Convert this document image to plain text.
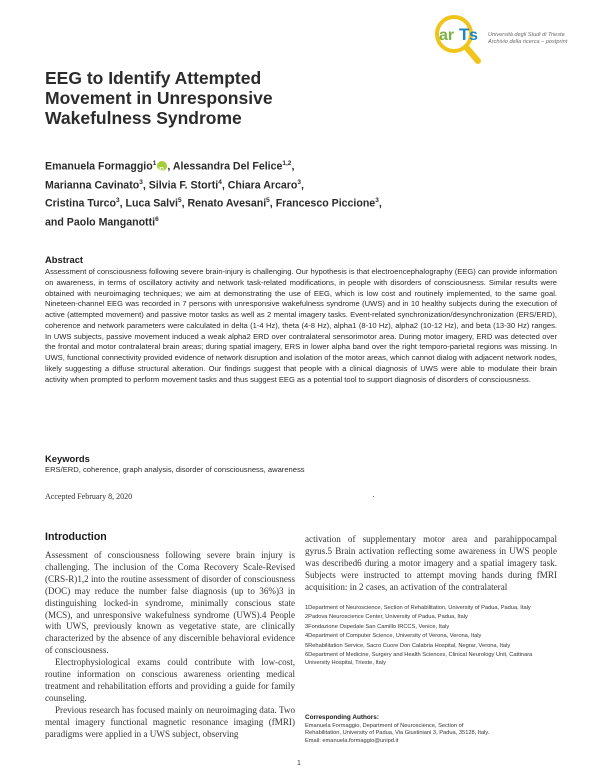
ar T s Università degli Studi di Trieste
Archivio della ricerca – postprint
EEG to Identify Attempted Movement in Unresponsive Wakefulness Syndrome
Emanuela Formaggio$^1$iD , Alessandra Del Felice$^{1,2}$,
Marianna Cavinato$^3$, Silvia F. Storti$^4$, Chiara Arcaro$^3$,
Cristina Turco$^3$, Luca Salvi$^5$, Renato Avesani$^5$, Francesco Piccione$^3$,
and Paolo Manganotti$^6$
Abstract
Assessment of consciousness following severe brain-injury is challenging. Our hypothesis is that electroencephalography (EEG) can provide information on awareness, in terms of oscillatory activity and network task-related modifications, in people with disorders of consciousness. Similar results were obtained with neuroimaging techniques; we aim at demonstrating the use of EEG, which is low cost and routinely implemented, to the same goal. Nineteen-channel EEG was recorded in 7 persons with unresponsive wakefulness syndrome (UWS) and in 10 healthy subjects during the execution of active (attempted movement) and passive motor tasks as well as 2 mental imagery tasks. Event-related synchronization/desynchronization (ERS/ERD), coherence and network parameters were calculated in delta (1-4 Hz), theta (4-8 Hz), alpha1 (8-10 Hz), alpha2 (10-12 Hz), and beta (13-30 Hz) ranges. In UWS subjects, passive movement induced a weak alpha2 ERD over contralateral sensorimotor area. During motor imagery, ERD was detected over the frontal and motor contralateral brain areas; during spatial imagery, ERS in lower alpha band over the right temporo-parietal regions was missing. In UWS, functional connectivity provided evidence of network disruption and isolation of the motor areas, which cannot dialog with adjacent network nodes, likely suggesting a diffuse structural alteration. Our findings suggest that people with a clinical diagnosis of UWS were able to modulate their brain activity when prompted to perform movement tasks and thus suggest EEG as a potential tool to support diagnosis of disorders of consciousness.
Keywords
ERS/ERD, coherence, graph analysis, disorder of consciousness, awareness
Accepted February 8, 2020	·
Introduction

Assessment of consciousness following severe brain injury is challenging. The inclusion of the Coma Recovery Scale-Revised (CRS-R)1,2 into the routine assessment of disorder of consciousness (DOC) may reduce the number false diagnosis (up to 36%)3 in distinguishing locked-in syndrome, minimally conscious state (MCS), and unresponsive wakefulness syndrome (UWS).4 People with UWS, previously known as vegetative state, are clinically characterized by the absence of any discernible behavioral evidence of consciousness.

Electrophysiological exams could contribute with low-cost, routine information on conscious awareness orienting medical treatment and rehabilitation efforts and providing a guide for family counseling.

Previous research has focused mainly on neuroimaging data. Two mental imagery functional magnetic resonance imaging (fMRI) paradigms were applied in a UWS subject, observing

activation of supplementary motor area and parahippocampal gyrus.5 Brain activation reflecting some awareness in UWS people was described6 during a motor imagery and a spatial imagery task. Subjects were instructed to attempt moving hands during fMRI acquisition: in 2 cases, an activation of the contralateral
1Department of Neuroscience, Section of Rehabilitation, University of Padua, Padua, Italy
2Padova Neuroscience Center, University of Padua, Padua, Italy
3Fondazione Ospedale San Camillo IRCCS, Venice, Italy
4Department of Computer Science, University of Verona, Verona, Italy
5Rehabilitation Service, Sacro Cuore Don Calabria Hospital, Negrar, Verona, Italy
6Department of Medicine, Surgery and Health Sciences, Clinical Neurology Unit, Cattinara University Hospital, Trieste, Italy
Corresponding Authors:
Emanuela Formaggio, Department of Neuroscience, Section of
Rehabilitation, University of Padua, Via Giustiniani 3, Padua, 35128, Italy.
Email: emanuela.formaggio@unipd.it
1
